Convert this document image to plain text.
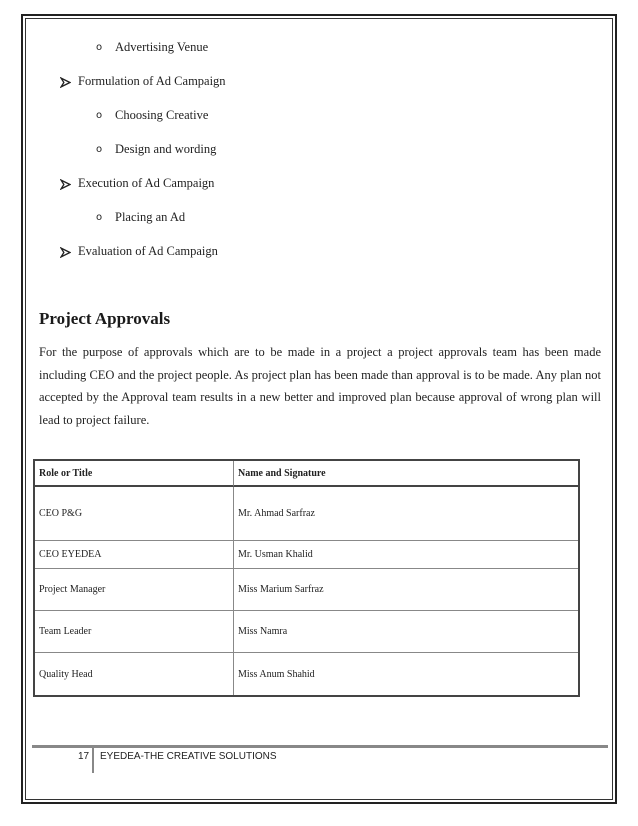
o Advertising Venue
Formulation of Ad Campaign
o Choosing Creative
o Design and wording
Execution of Ad Campaign
o Placing an Ad
Evaluation of Ad Campaign
Project Approvals
For the purpose of approvals which are to be made in a project a project approvals team has been made including CEO and the project people. As project plan has been made than approval is to be made. Any plan not accepted by the Approval team results in a new better and improved plan because approval of wrong plan will lead to project failure.
Role or Title	Name and Signature
CEO P&G	Mr. Ahmad Sarfraz
CEO EYEDEA	Mr. Usman Khalid
Project Manager	Miss Marium Sarfraz
Team Leader	Miss Namra
Quality Head	Miss Anum Shahid
17 EYEDEA-THE CREATIVE SOLUTIONS
